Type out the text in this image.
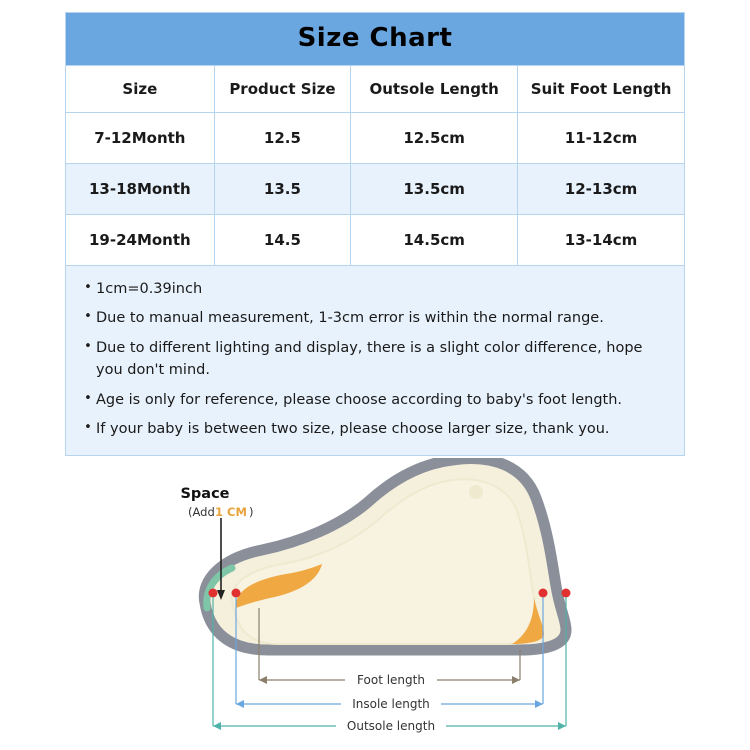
Size Chart
Size	Product Size	Outsole Length	Suit Foot Length
7-12Month	12.5	12.5cm	11-12cm
13-18Month	13.5	13.5cm	12-13cm
19-24Month	14.5	14.5cm	13-14cm
• 1cm=0.39inch
• Due to manual measurement, 1-3cm error is within the normal range.
• Due to different lighting and display, there is a slight color difference, hope you don't mind.
• Age is only for reference, please choose according to baby's foot length.
• If your baby is between two size, please choose larger size, thank you.
Space
(Add 1 CM )
Foot length
Insole length
Outsole length
